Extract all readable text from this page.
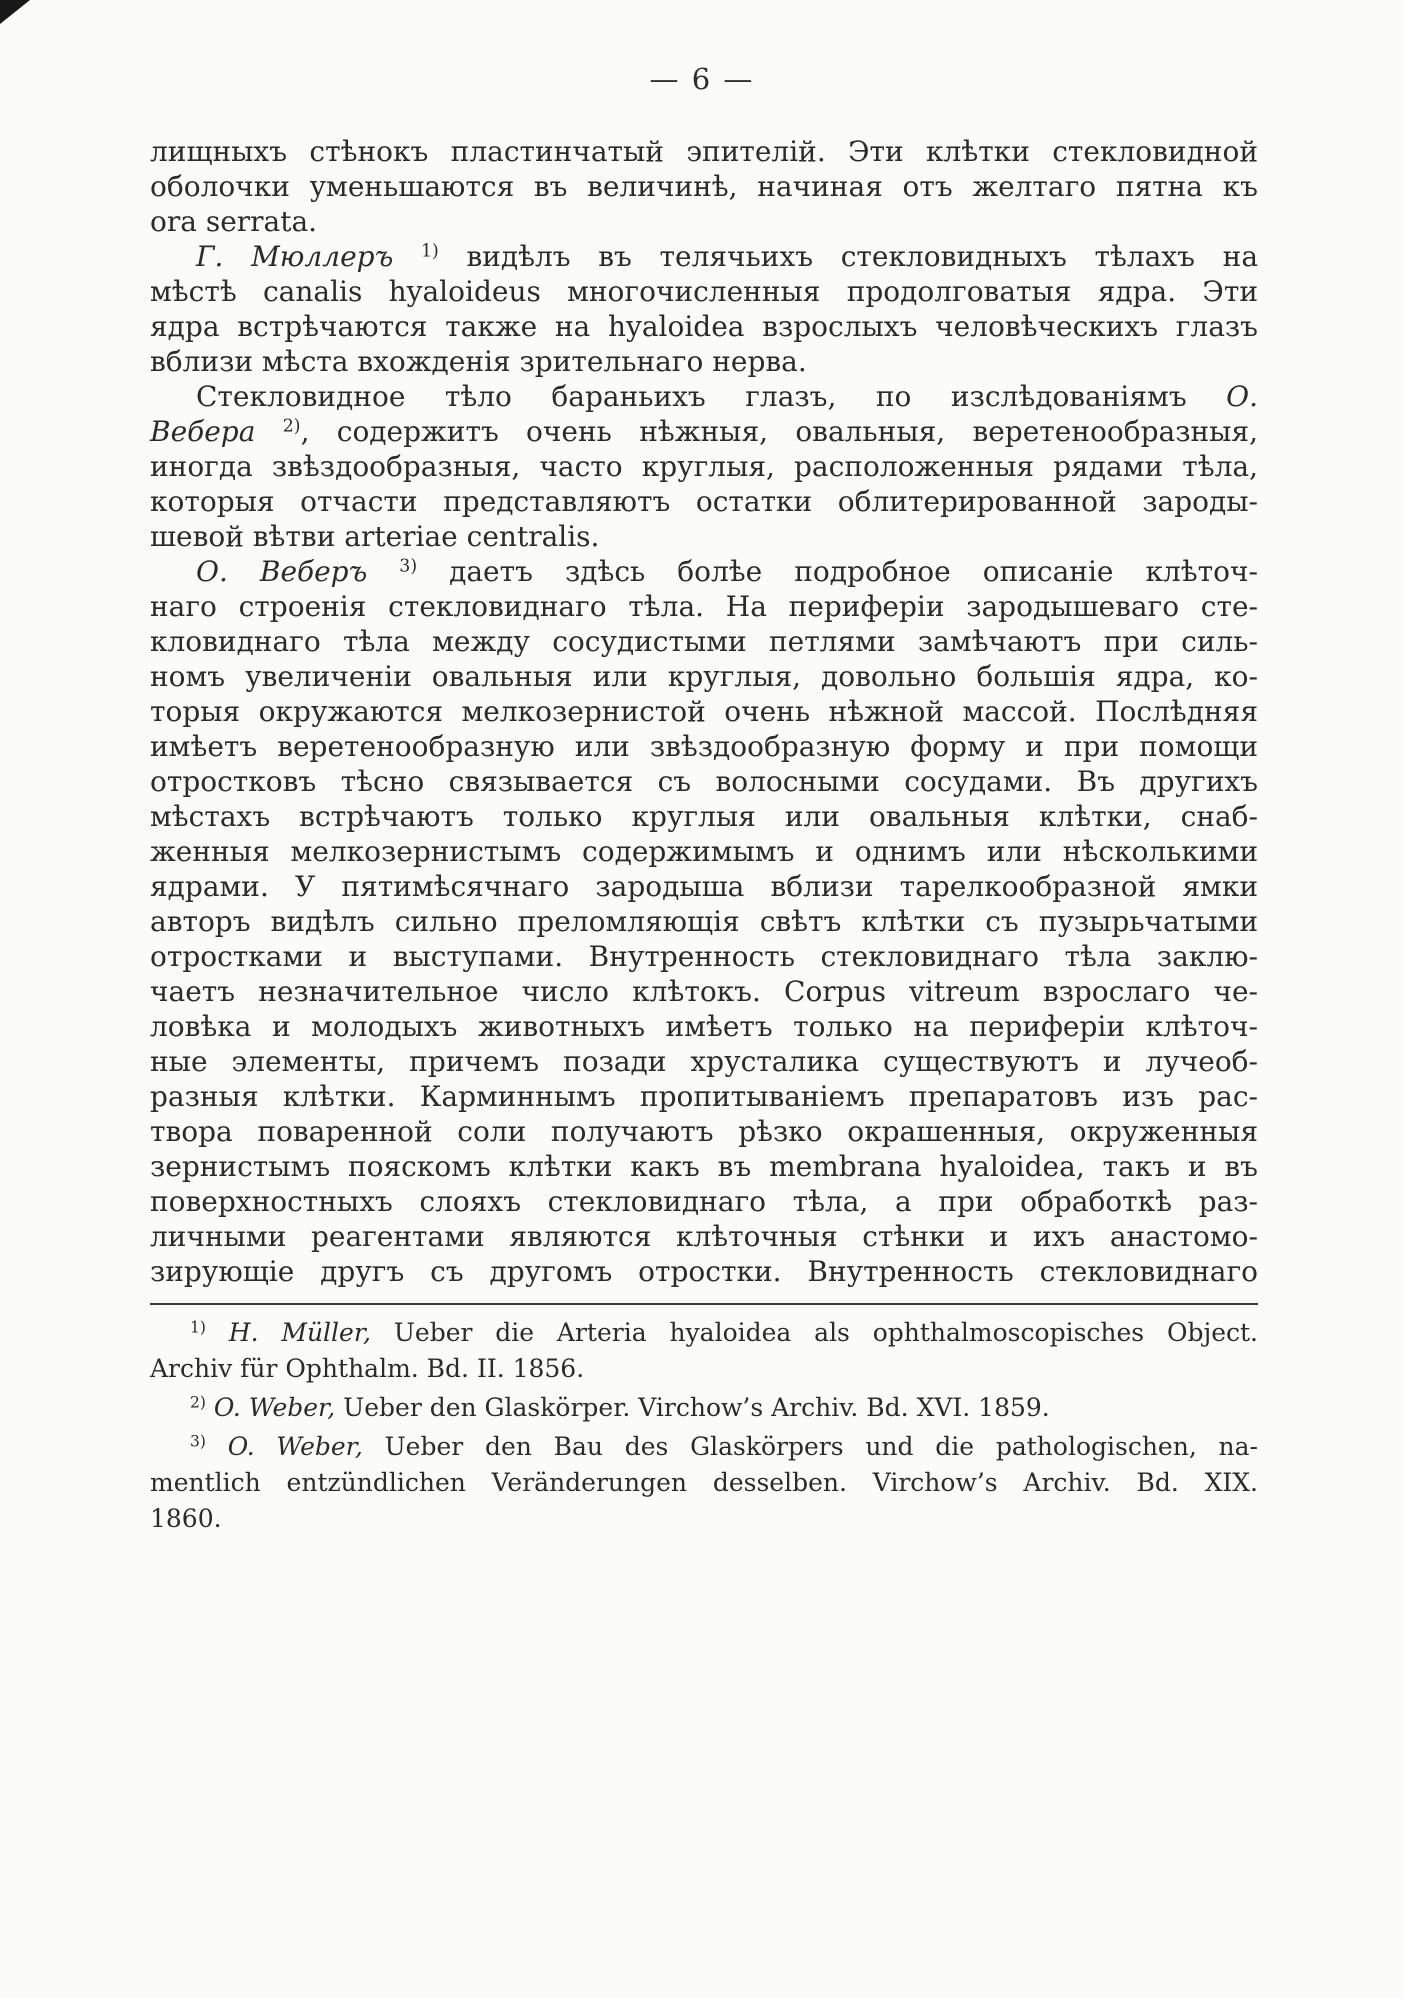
— 6 —
лищныхъ стѣнокъ пластинчатый эпителій. Эти клѣтки стекловидной
оболочки уменьшаются въ величинѣ, начиная отъ желтаго пятна къ
ora serrata.
Г. Мюллеръ $^{1)}$ видѣлъ въ телячьихъ стекловидныхъ тѣлахъ на
мѣстѣ canalis hyaloideus многочисленныя продолговатыя ядра. Эти
ядра встрѣчаются также на hyaloidea взрослыхъ человѣческихъ глазъ
вблизи мѣста вхожденія зрительнаго нерва.
Стекловидное тѣло бараньихъ глазъ, по изслѣдованіямъ О.
Вебера $^{2)}$, содержитъ очень нѣжныя, овальныя, веретенообразныя,
иногда звѣздообразныя, часто круглыя, расположенныя рядами тѣла,
которыя отчасти представляютъ остатки облитерированной зароды-
шевой вѣтви arteriae centralis.
О. Веберъ $^{3)}$ даетъ здѣсь болѣе подробное описаніе клѣточ-
наго строенія стекловиднаго тѣла. На периферіи зародышеваго сте-
кловиднаго тѣла между сосудистыми петлями замѣчаютъ при силь-
номъ увеличеніи овальныя или круглыя, довольно большія ядра, ко-
торыя окружаются мелкозернистой очень нѣжной массой. Послѣдняя
имѣетъ веретенообразную или звѣздообразную форму и при помощи
отростковъ тѣсно связывается съ волосными сосудами. Въ другихъ
мѣстахъ встрѣчаютъ только круглыя или овальныя клѣтки, снаб-
женныя мелкозернистымъ содержимымъ и однимъ или нѣсколькими
ядрами. У пятимѣсячнаго зародыша вблизи тарелкообразной ямки
авторъ видѣлъ сильно преломляющія свѣтъ клѣтки съ пузырьчатыми
отростками и выступами. Внутренность стекловиднаго тѣла заклю-
чаетъ незначительное число клѣтокъ. Corpus vitreum взрослаго че-
ловѣка и молодыхъ животныхъ имѣетъ только на периферіи клѣточ-
ные элементы, причемъ позади хрусталика существуютъ и лучеоб-
разныя клѣтки. Карминнымъ пропитываніемъ препаратовъ изъ рас-
твора поваренной соли получаютъ рѣзко окрашенныя, окруженныя
зернистымъ пояскомъ клѣтки какъ въ membrana hyaloidea, такъ и въ
поверхностныхъ слояхъ стекловиднаго тѣла, а при обработкѣ раз-
личными реагентами являются клѣточныя стѣнки и ихъ анастомо-
зирующіе другъ съ другомъ отростки. Внутренность стекловиднаго
$^{1)}$ H. Müller, Ueber die Arteria hyaloidea als ophthalmoscopisches Object.
Archiv für Ophthalm. Bd. II. 1856.
$^{2)}$ O. Weber, Ueber den Glaskörper. Virchow’s Archiv. Bd. XVI. 1859.
$^{3)}$ O. Weber, Ueber den Bau des Glaskörpers und die pathologischen, na-
mentlich entzündlichen Veränderungen desselben. Virchow’s Archiv. Bd. XIX.
1860.
